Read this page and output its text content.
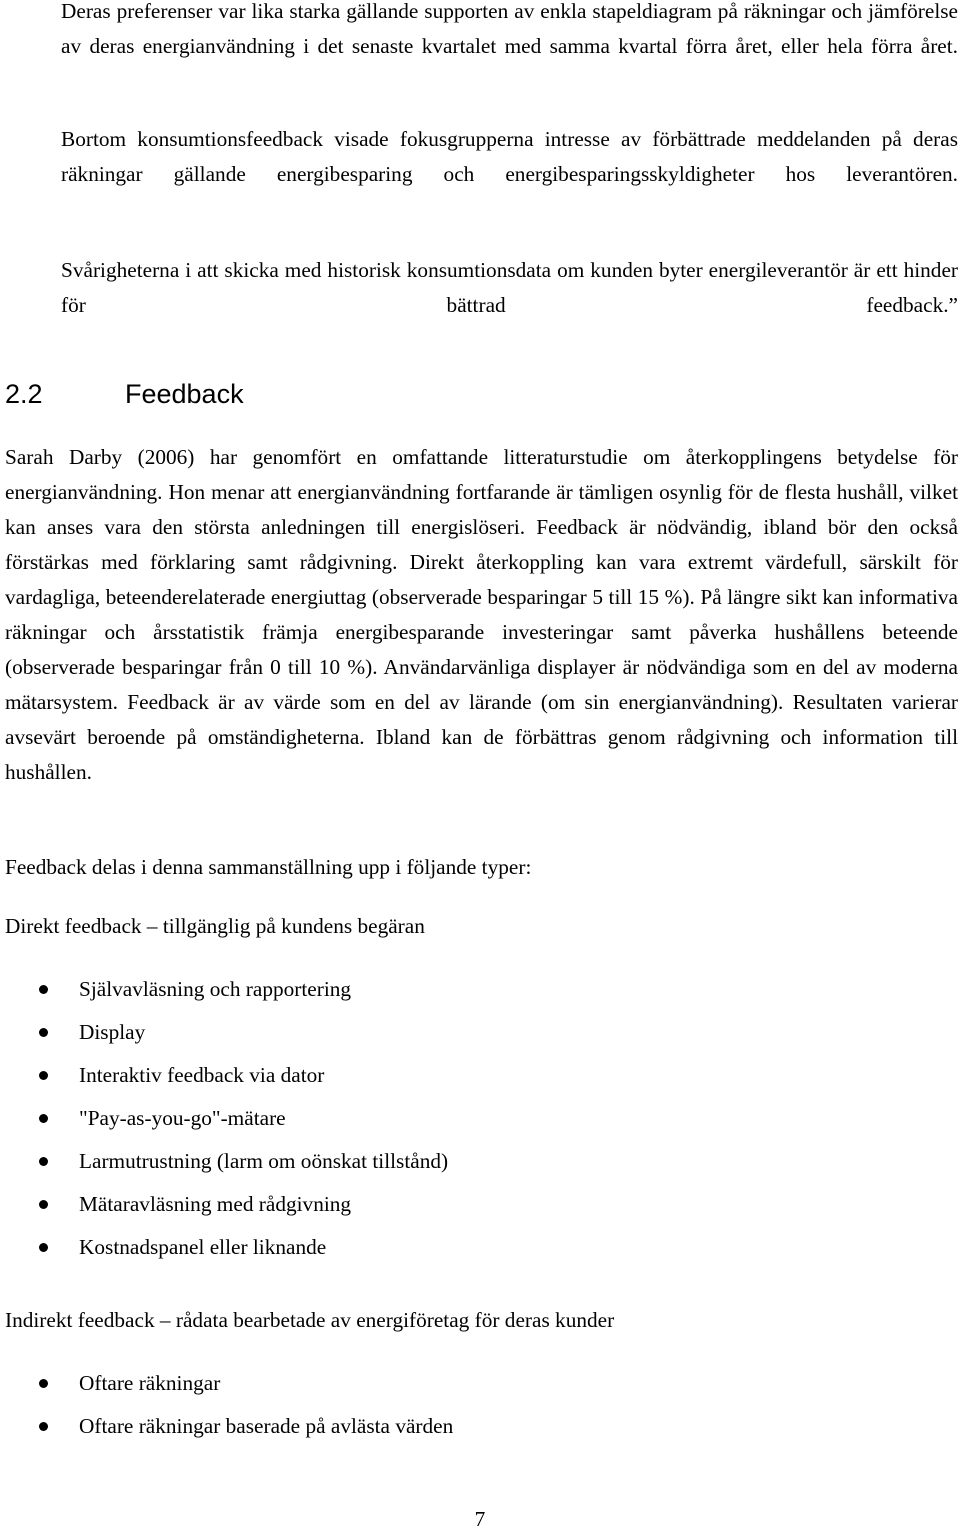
Deras preferenser var lika starka gällande supporten av enkla stapeldiagram på räkningar och jämförelse av deras energianvändning i det senaste kvartalet med samma kvartal förra året, eller hela förra året.

Bortom konsumtionsfeedback visade fokusgrupperna intresse av förbättrade meddelanden på deras räkningar gällande energibesparing och energibesparingsskyldigheter hos leverantören.

Svårigheterna i att skicka med historisk konsumtionsdata om kunden byter energileverantör är ett hinder för bättrad feedback.”

2.2	Feedback

Sarah Darby (2006) har genomfört en omfattande litteraturstudie om återkopplingens betydelse för energianvändning. Hon menar att energianvändning fortfarande är tämligen osynlig för de flesta hushåll, vilket kan anses vara den största anledningen till energislöseri. Feedback är nödvändig, ibland bör den också förstärkas med förklaring samt rådgivning. Direkt återkoppling kan vara extremt värdefull, särskilt för vardagliga, beteenderelaterade energiuttag (observerade besparingar 5 till 15 %). På längre sikt kan informativa räkningar och årsstatistik främja energibesparande investeringar samt påverka hushållens beteende (observerade besparingar från 0 till 10 %). Användarvänliga displayer är nödvändiga som en del av moderna mätarsystem. Feedback är av värde som en del av lärande (om sin energianvändning). Resultaten varierar avsevärt beroende på omständigheterna. Ibland kan de förbättras genom rådgivning och information till hushållen.

Feedback delas i denna sammanställning upp i följande typer:

Direkt feedback – tillgänglig på kundens begäran

Självavläsning och rapportering
Display
Interaktiv feedback via dator
"Pay-as-you-go"-mätare
Larmutrustning (larm om oönskat tillstånd)
Mätaravläsning med rådgivning
Kostnadspanel eller liknande

Indirekt feedback – rådata bearbetade av energiföretag för deras kunder

Oftare räkningar
Oftare räkningar baserade på avlästa värden
7
